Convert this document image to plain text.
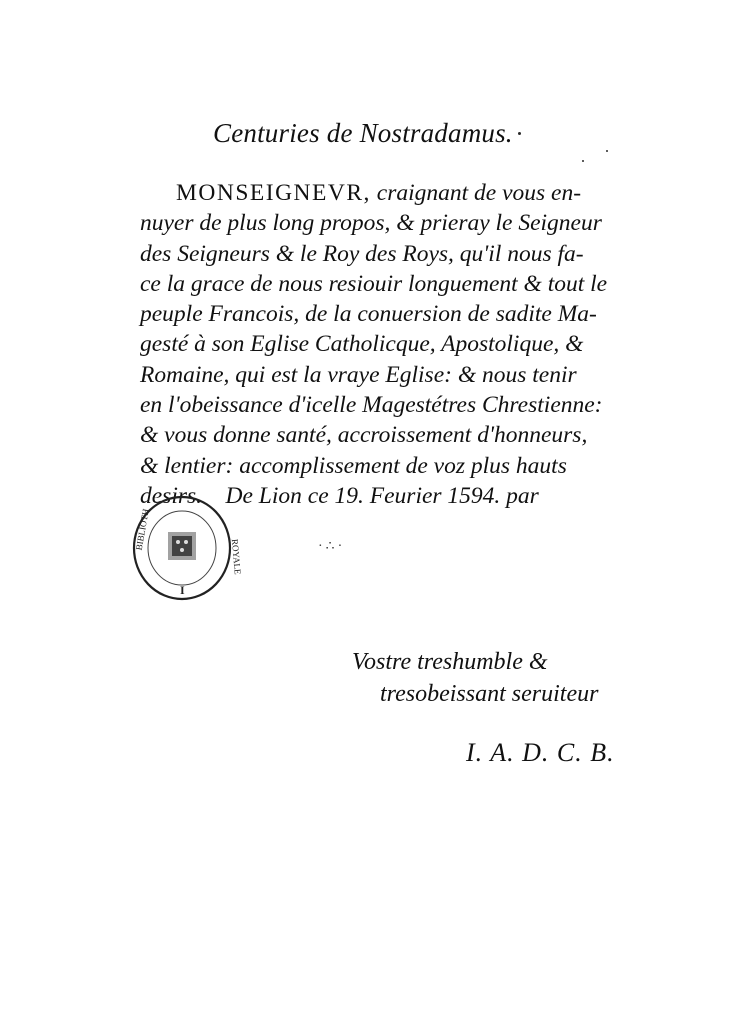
Centuries de Nostradamus.
MONSEIGNEVR, craignant de vous en-
nuyer de plus long propos, & prieray le Seigneur
des Seigneurs & le Roy des Roys, qu'il nous fa-
ce la grace de nous resiouir longuement & tout le
peuple Francois, de la conuersion de sadite Ma-
gesté à son Eglise Catholicque, Apostolique, &
Romaine, qui est la vraye Eglise: & nous tenir
en l'obeissance d'icelle Magestétres Chrestienne:
& vous donne santé, accroissement d'honneurs,
& lentier: accomplissement de voz plus hauts
desirs. De Lion ce 19. Feurier 1594. par
BIBLIOTH
ROYALE
I
·∴·
Vostre treshumble &
tresobeissant seruiteur
I. A. D. C. B.
